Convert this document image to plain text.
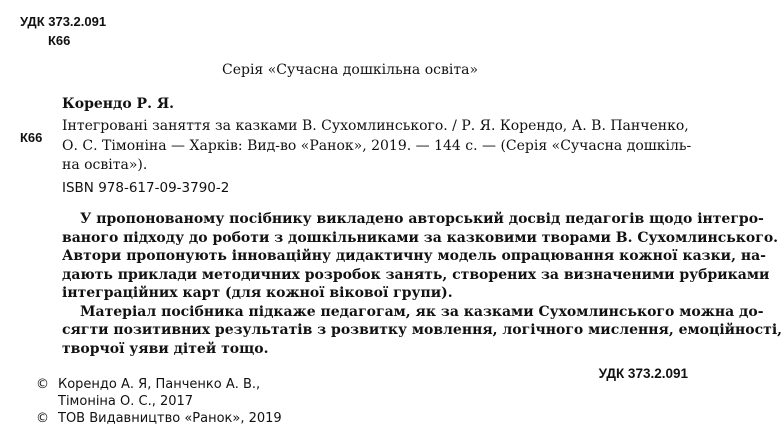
УДК 373.2.091
К66
Серія «Сучасна дошкільна освіта»
Корендо Р. Я.
К66
Інтегровані заняття за казками В. Сухомлинського. / Р. Я. Корендо, А. В. Панченко,
О. С. Тімоніна — Харків: Вид-во «Ранок», 2019. — 144 с. — (Серія «Сучасна дошкіль-
на освіта»).
ISBN 978-617-09-3790-2
У пропонованому посібнику викладено авторський досвід педагогів щодо інтегро-
ваного підходу до роботи з дошкільниками за казковими творами В. Сухомлинського.
Автори пропонують інноваційну дидактичну модель опрацювання кожної казки, на-
дають приклади методичних розробок занять, створених за визначеними рубриками
інтеграційних карт (для кожної вікової групи).
Матеріал посібника підкаже педагогам, як за казками Сухомлинського можна до-
сягти позитивних результатів з розвитку мовлення, логічного мислення, емоційності,
творчої уяви дітей тощо.
УДК 373.2.091
© Корендо А. Я, Панченко А. В.,
Тімоніна О. С., 2017
© ТОВ Видавництво «Ранок», 2019
